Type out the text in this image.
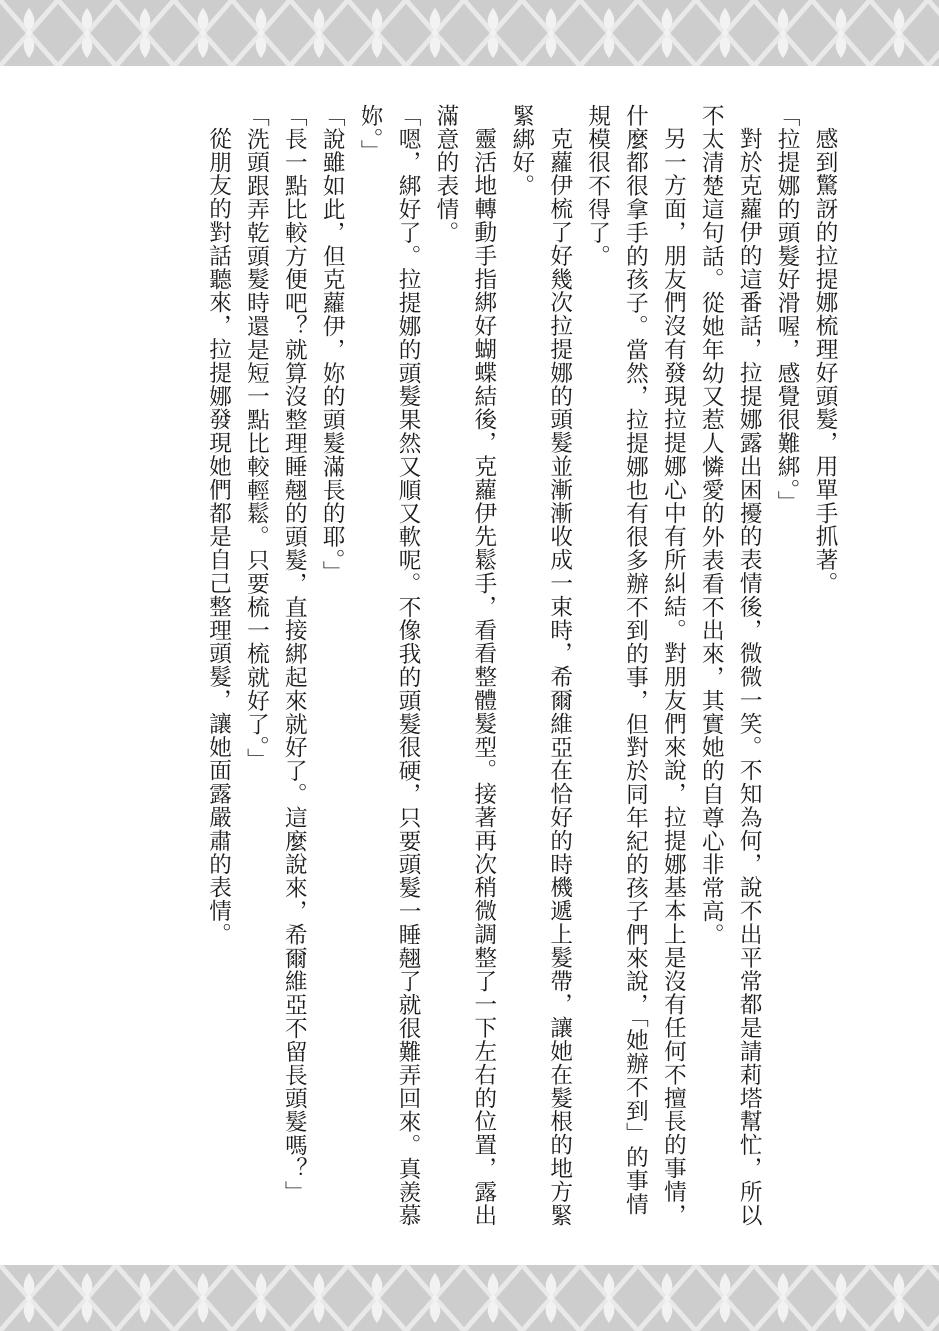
感到驚訝的拉提娜梳理好頭髮，用單手抓著。

「拉提娜的頭髮好滑喔，感覺很難綁。」

對於克蘿伊的這番話，拉提娜露出困擾的表情後，微微一笑。不知為何，說不出平常都是請莉塔幫忙，所以不太清楚這句話。從她年幼又惹人憐愛的外表看不出來，其實她的自尊心非常高。

另一方面，朋友們沒有發現拉提娜心中有所糾結。對朋友們來說，拉提娜基本上是沒有任何不擅長的事情，什麼都很拿手的孩子。當然，拉提娜也有很多辦不到的事，但對於同年紀的孩子們來說，「她辦不到」的事情規模很不得了。

克蘿伊梳了好幾次拉提娜的頭髮並漸漸收成一束時，希爾維亞在恰好的時機遞上髮帶，讓她在髮根的地方緊緊綁好。

靈活地轉動手指綁好蝴蝶結後，克蘿伊先鬆手，看看整體髮型。接著再次稍微調整了一下左右的位置，露出滿意的表情。

「嗯，綁好了。拉提娜的頭髮果然又順又軟呢。不像我的頭髮很硬，只要頭髮一睡翹了就很難弄回來。真羨慕妳。」

「說雖如此，但克蘿伊，妳的頭髮滿長的耶。」

「長一點比較方便吧？就算沒整理睡翹的頭髮，直接綁起來就好了。這麼說來，希爾維亞不留長頭髮嗎？」

「洗頭跟弄乾頭髮時還是短一點比較輕鬆。只要梳一梳就好了。」

從朋友的對話聽來，拉提娜發現她們都是自己整理頭髮，讓她面露嚴肅的表情。
